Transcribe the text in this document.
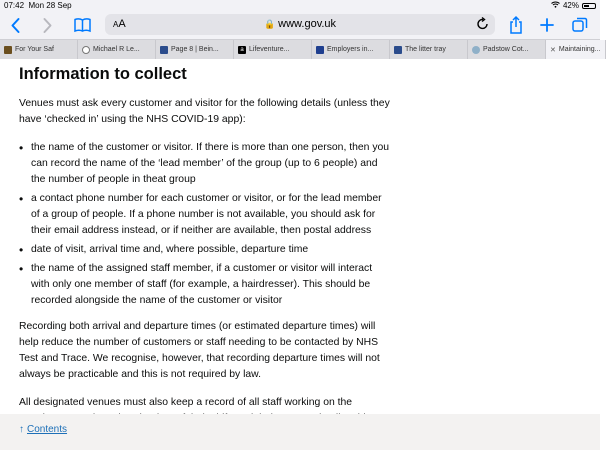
07:42 Mon 28 Sep	42%
AA	🔒 www.gov.uk
For Your Saf	Michael R Le...	Page 8 | Bein...	a Lifeventure...	Employers in...	The litter tray	Padstow Cot...	✕ Maintaining...
Information to collect

Venues must ask every customer and visitor for the following details (unless they have ‘checked in’ using the NHS COVID-19 app):

• the name of the customer or visitor. If there is more than one person, then you can record the name of the ‘lead member’ of the group (up to 6 people) and the number of people in theat group
• a contact phone number for each customer or visitor, or for the lead member of a group of people. If a phone number is not available, you should ask for their email address instead, or if neither are available, then postal address
• date of visit, arrival time and, where possible, departure time
• the name of the assigned staff member, if a customer or visitor will interact with only one member of staff (for example, a hairdresser). This should be recorded alongside the name of the customer or visitor

Recording both arrival and departure times (or estimated departure times) will help reduce the number of customers or staff needing to be contacted by NHS Test and Trace. We recognise, however, that recording departure times will not always be practicable and this is not required by law.

All designated venues must also keep a record of all staff working on the

↑ Contents
